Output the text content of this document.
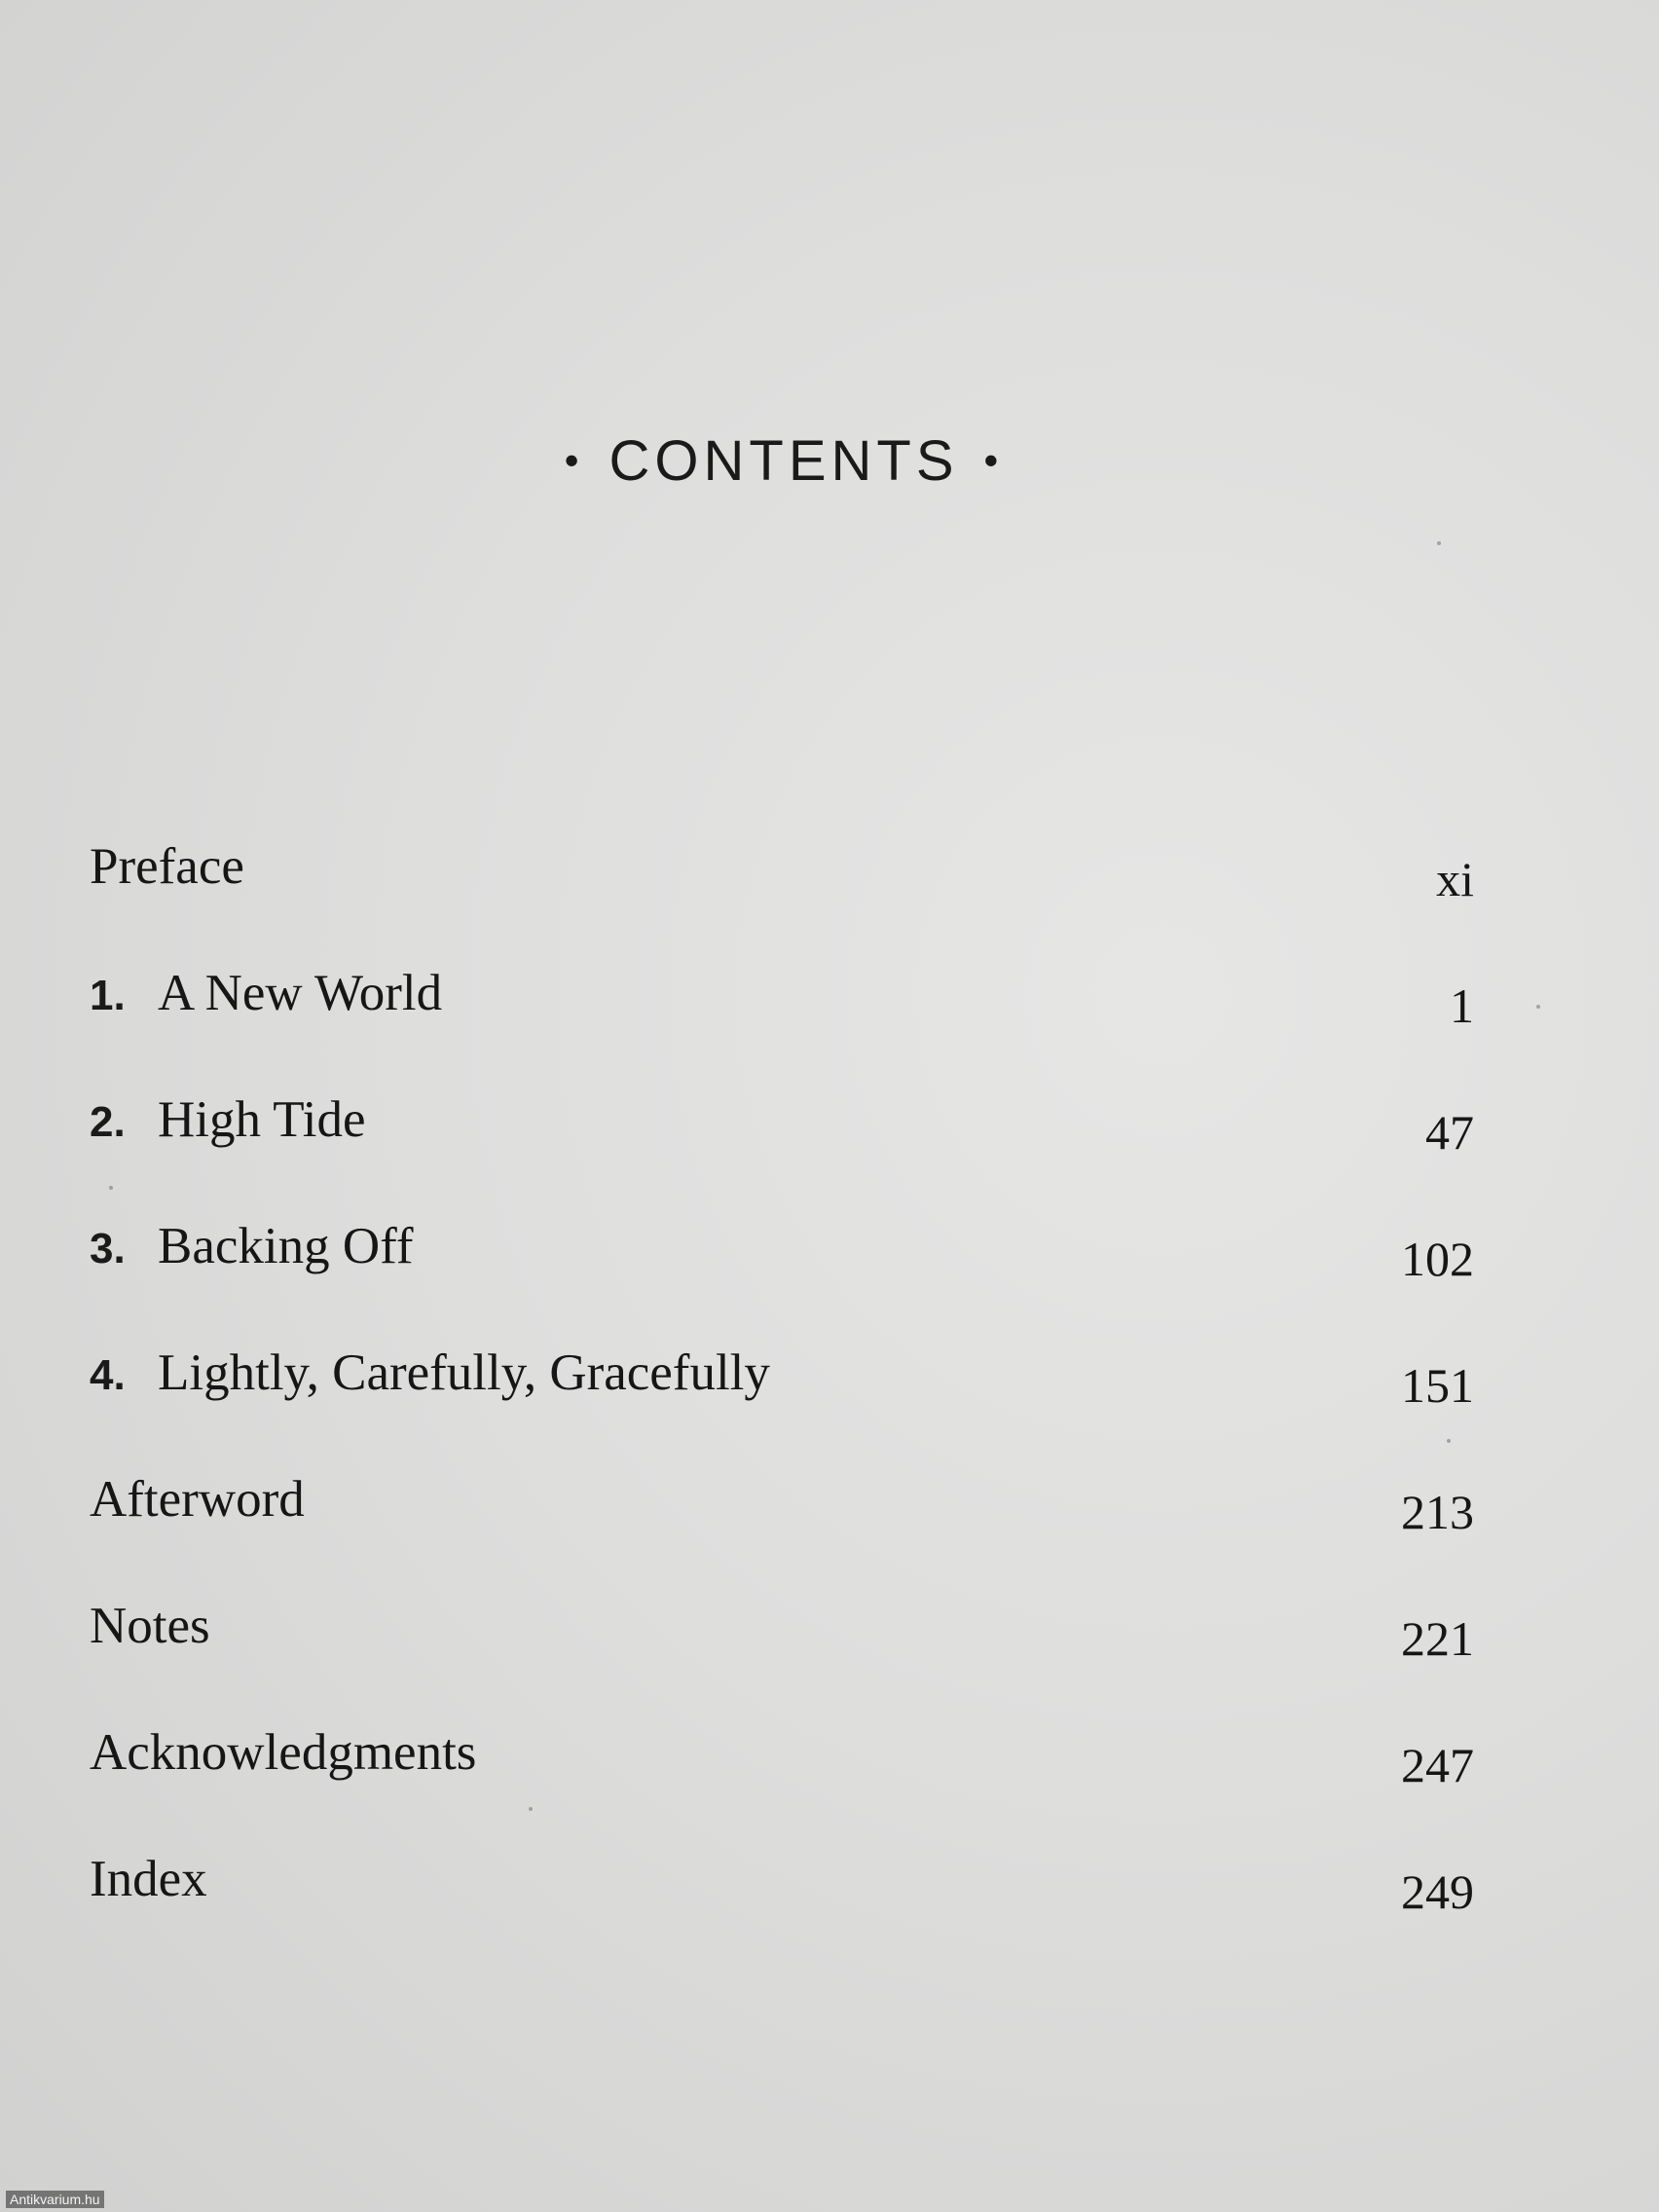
• CONTENTS •
Preface	xi
1. A New World	1
2. High Tide	47
3. Backing Off	102
4. Lightly, Carefully, Gracefully	151
Afterword	213
Notes	221
Acknowledgments	247
Index	249
Antikvarium.hu
